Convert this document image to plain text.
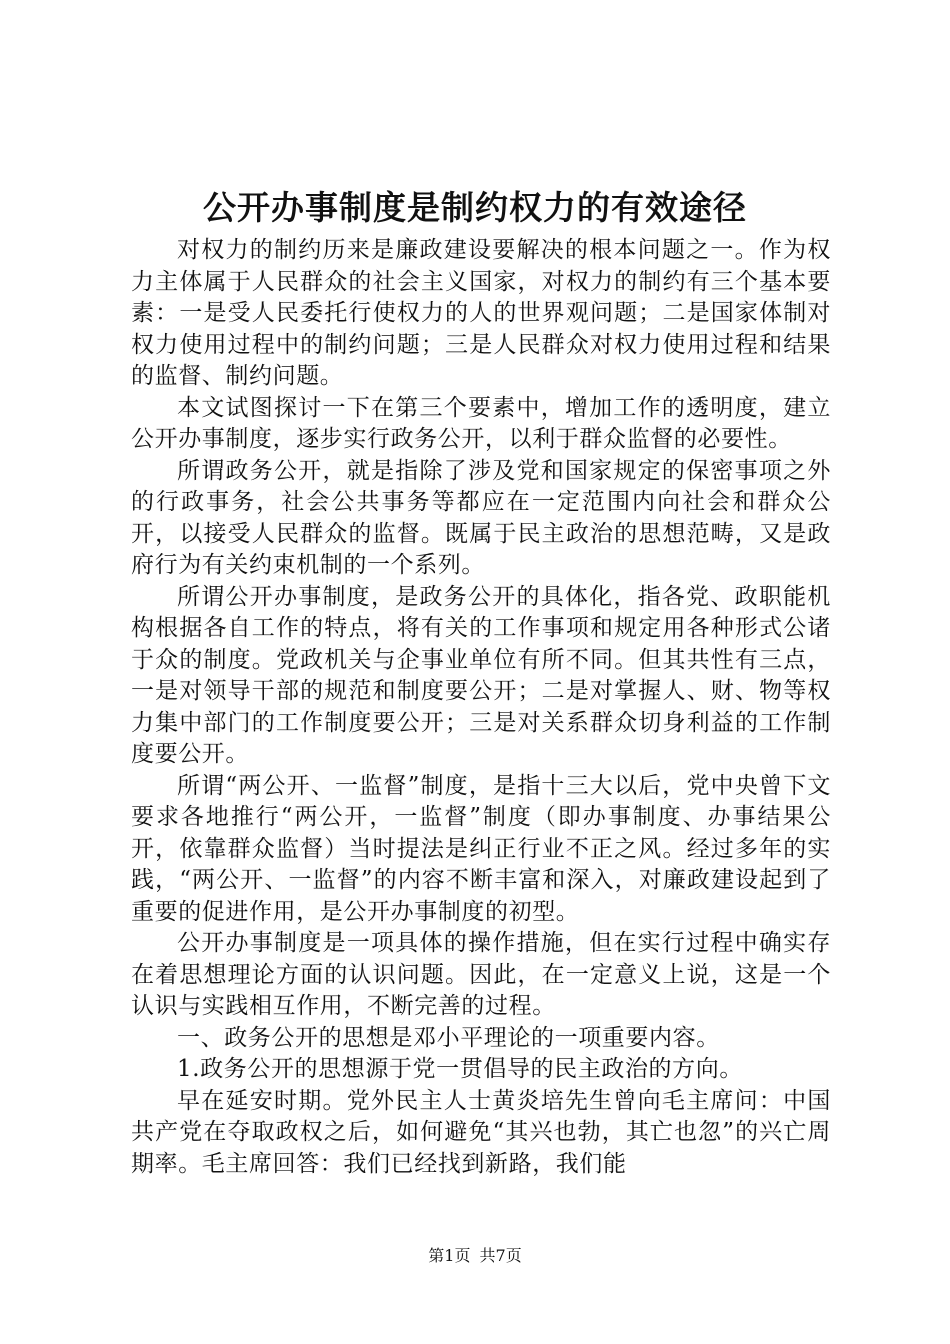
公开办事制度是制约权力的有效途径

对权力的制约历来是廉政建设要解决的根本问题之一。作为权力主体属于人民群众的社会主义国家，对权力的制约有三个基本要素：一是受人民委托行使权力的人的世界观问题；二是国家体制对权力使用过程中的制约问题；三是人民群众对权力使用过程和结果的监督、制约问题。

本文试图探讨一下在第三个要素中，增加工作的透明度，建立公开办事制度，逐步实行政务公开，以利于群众监督的必要性。

所谓政务公开，就是指除了涉及党和国家规定的保密事项之外的行政事务，社会公共事务等都应在一定范围内向社会和群众公开，以接受人民群众的监督。既属于民主政治的思想范畴，又是政府行为有关约束机制的一个系列。

所谓公开办事制度，是政务公开的具体化，指各党、政职能机构根据各自工作的特点，将有关的工作事项和规定用各种形式公诸于众的制度。党政机关与企事业单位有所不同。但其共性有三点，一是对领导干部的规范和制度要公开；二是对掌握人、财、物等权力集中部门的工作制度要公开；三是对关系群众切身利益的工作制度要公开。

所谓“两公开、一监督”制度，是指十三大以后，党中央曾下文要求各地推行“两公开，一监督”制度（即办事制度、办事结果公开，依靠群众监督）当时提法是纠正行业不正之风。经过多年的实践，“两公开、一监督”的内容不断丰富和深入，对廉政建设起到了重要的促进作用，是公开办事制度的初型。

公开办事制度是一项具体的操作措施，但在实行过程中确实存在着思想理论方面的认识问题。因此，在一定意义上说，这是一个认识与实践相互作用，不断完善的过程。

一、政务公开的思想是邓小平理论的一项重要内容。

1.政务公开的思想源于党一贯倡导的民主政治的方向。

早在延安时期。党外民主人士黄炎培先生曾向毛主席问：中国共产党在夺取政权之后，如何避免“其兴也勃，其亡也忽”的兴亡周期率。毛主席回答：我们已经找到新路，我们能

第1页 共7页
